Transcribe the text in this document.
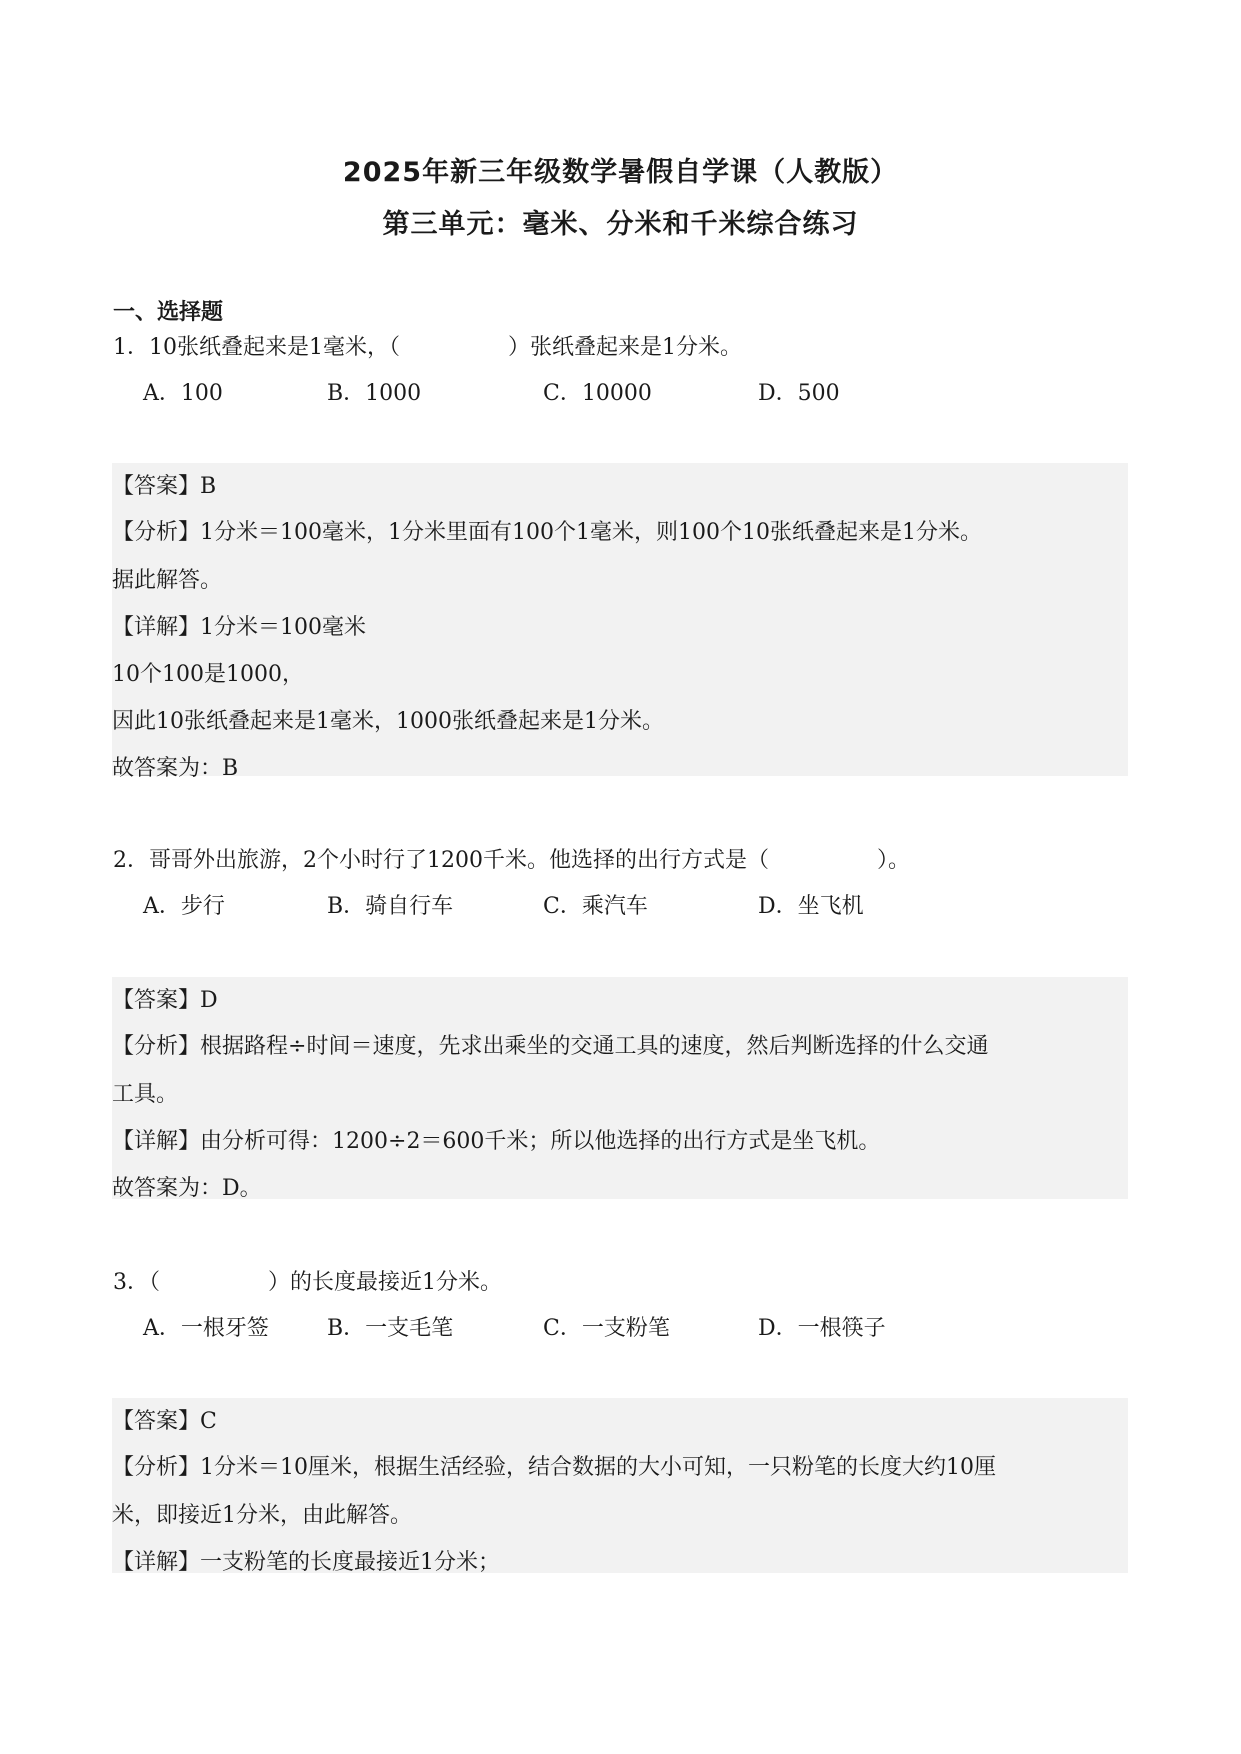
2025年新三年级数学暑假自学课（人教版）
第三单元：毫米、分米和千米综合练习
一、选择题
1．10张纸叠起来是1毫米，（	）张纸叠起来是1分米。
A．100	B．1000	C．10000	D．500
【答案】B
【分析】1分米＝100毫米，1分米里面有100个1毫米，则100个10张纸叠起来是1分米。
据此解答。
【详解】1分米＝100毫米
10个100是1000，
因此10张纸叠起来是1毫米，1000张纸叠起来是1分米。
故答案为：B
2．哥哥外出旅游，2个小时行了1200千米。他选择的出行方式是（	）。
A．步行	B．骑自行车	C．乘汽车	D．坐飞机
【答案】D
【分析】根据路程÷时间＝速度，先求出乘坐的交通工具的速度，然后判断选择的什么交通
工具。
【详解】由分析可得：1200÷2＝600千米；所以他选择的出行方式是坐飞机。
故答案为：D。
3．（	）的长度最接近1分米。
A．一根牙签	B．一支毛笔	C．一支粉笔	D．一根筷子
【答案】C
【分析】1分米＝10厘米，根据生活经验，结合数据的大小可知，一只粉笔的长度大约10厘
米，即接近1分米，由此解答。
【详解】一支粉笔的长度最接近1分米；
